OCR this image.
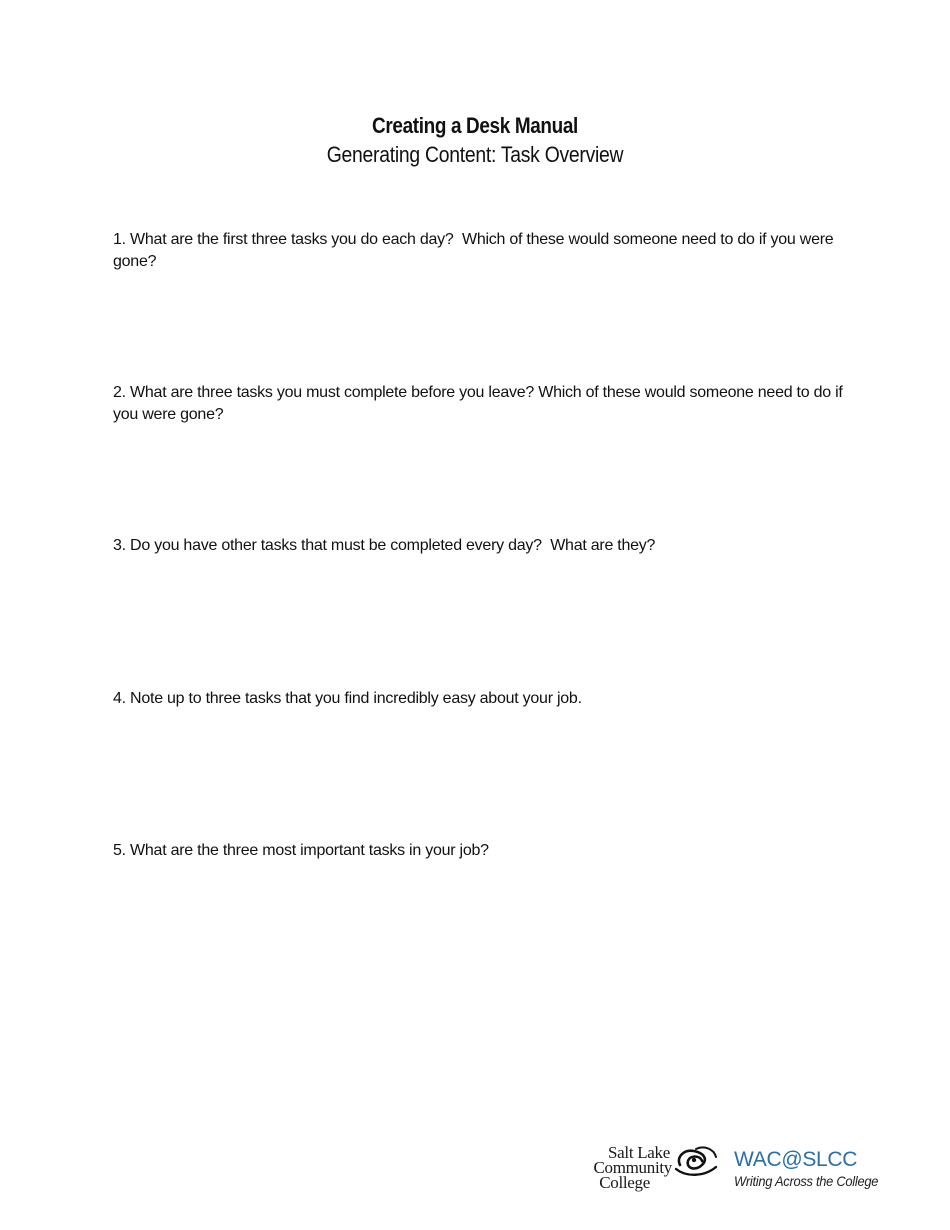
Creating a Desk Manual
Generating Content: Task Overview

1. What are the first three tasks you do each day?  Which of these would someone need to do if you were gone?

2. What are three tasks you must complete before you leave? Which of these would someone need to do if you were gone?

3. Do you have other tasks that must be completed every day?  What are they?

4. Note up to three tasks that you find incredibly easy about your job.

5. What are the three most important tasks in your job?

Salt Lake
Community
College
WAC@SLCC
Writing Across the College
